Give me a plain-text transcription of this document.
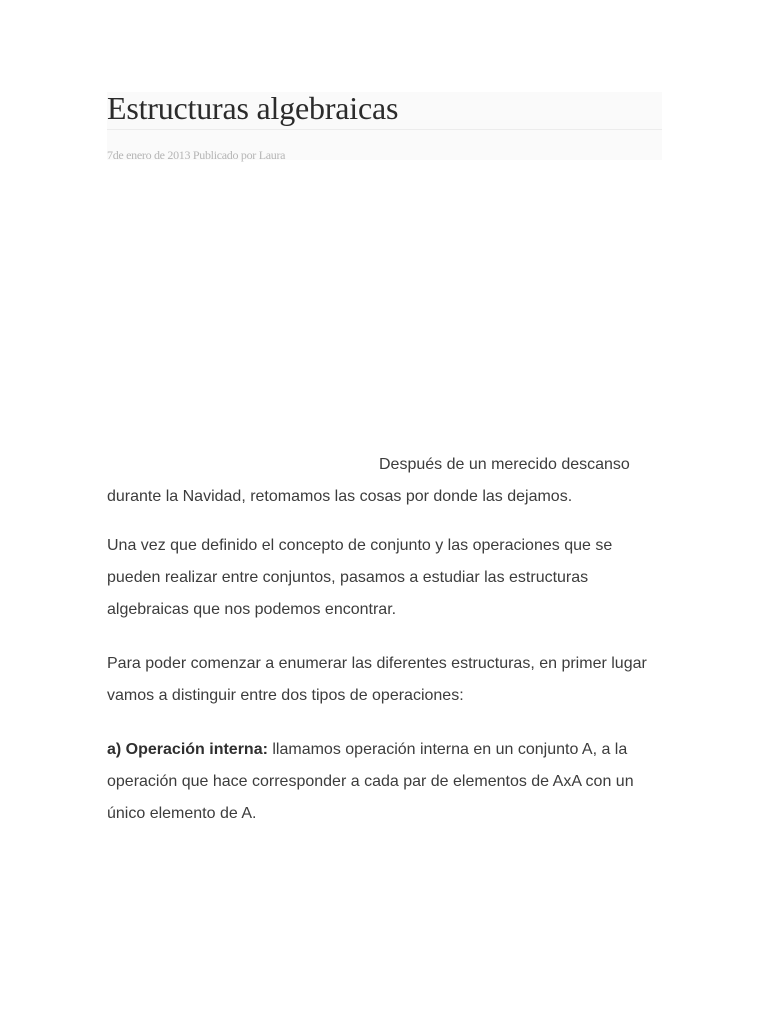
Estructuras algebraicas
7de enero de 2013 Publicado por Laura

Después de un merecido descanso durante la Navidad, retomamos las cosas por donde las dejamos.

Una vez que definido el concepto de conjunto y las operaciones que se pueden realizar entre conjuntos, pasamos a estudiar las estructuras algebraicas que nos podemos encontrar.

Para poder comenzar a enumerar las diferentes estructuras, en primer lugar vamos a distinguir entre dos tipos de operaciones:

a) Operación interna: llamamos operación interna en un conjunto A, a la operación que hace corresponder a cada par de elementos de AxA con un único elemento de A.
